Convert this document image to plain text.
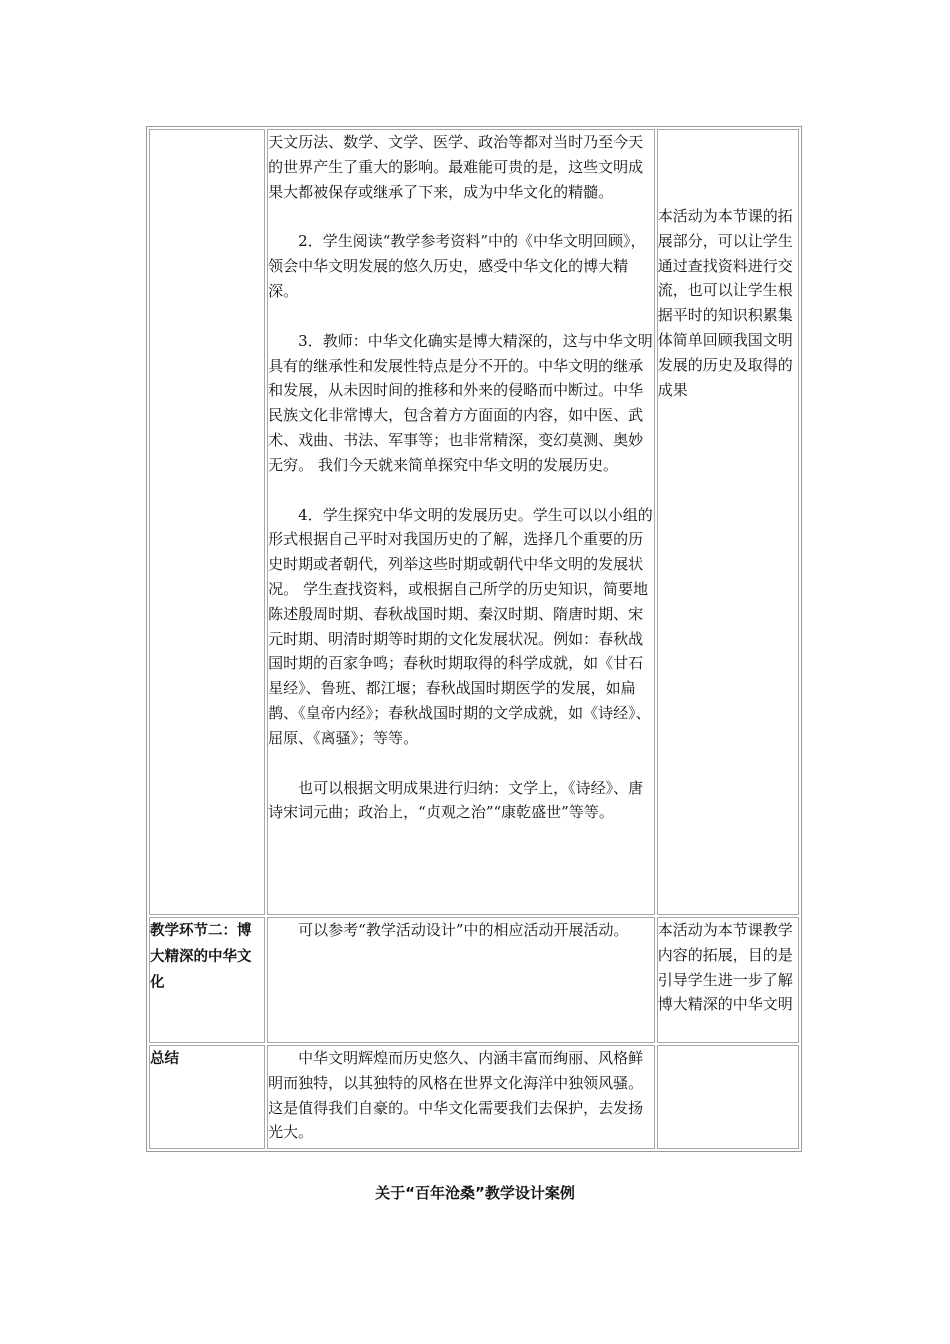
	天文历法、数学、文学、医学、政治等都对当时乃至今天的世界产生了重大的影响。最难能可贵的是，这些文明成果大都被保存或继承了下来，成为中华文化的精髓。

2．学生阅读“教学参考资料”中的《中华文明回顾》，领会中华文明发展的悠久历史，感受中华文化的博大精深。

3．教师：中华文化确实是博大精深的，这与中华文明具有的继承性和发展性特点是分不开的。中华文明的继承和发展，从未因时间的推移和外来的侵略而中断过。中华民族文化非常博大，包含着方方面面的内容，如中医、武术、戏曲、书法、军事等；也非常精深，变幻莫测、奥妙无穷。 我们今天就来简单探究中华文明的发展历史。

4．学生探究中华文明的发展历史。学生可以以小组的形式根据自己平时对我国历史的了解，选择几个重要的历史时期或者朝代，列举这些时期或朝代中华文明的发展状况。 学生查找资料，或根据自己所学的历史知识，简要地陈述殷周时期、春秋战国时期、秦汉时期、隋唐时期、宋元时期、明清时期等时期的文化发展状况。例如：春秋战国时期的百家争鸣；春秋时期取得的科学成就，如《甘石星经》、鲁班、都江堰；春秋战国时期医学的发展，如扁鹊、《皇帝内经》；春秋战国时期的文学成就，如《诗经》、屈原、《离骚》；等等。

也可以根据文明成果进行归纳：文学上，《诗经》、唐诗宋词元曲；政治上，“贞观之治”“康乾盛世”等等。	本活动为本节课的拓展部分，可以让学生通过查找资料进行交流，也可以让学生根据平时的知识积累集体简单回顾我国文明发展的历史及取得的成果

教学环节二：博大精深的中华文化	可以参考“教学活动设计”中的相应活动开展活动。	本活动为本节课教学内容的拓展，目的是引导学生进一步了解博大精深的中华文明

总结	中华文明辉煌而历史悠久、内涵丰富而绚丽、风格鲜明而独特，以其独特的风格在世界文化海洋中独领风骚。这是值得我们自豪的。中华文化需要我们去保护，去发扬光大。	

关于“百年沧桑”教学设计案例
